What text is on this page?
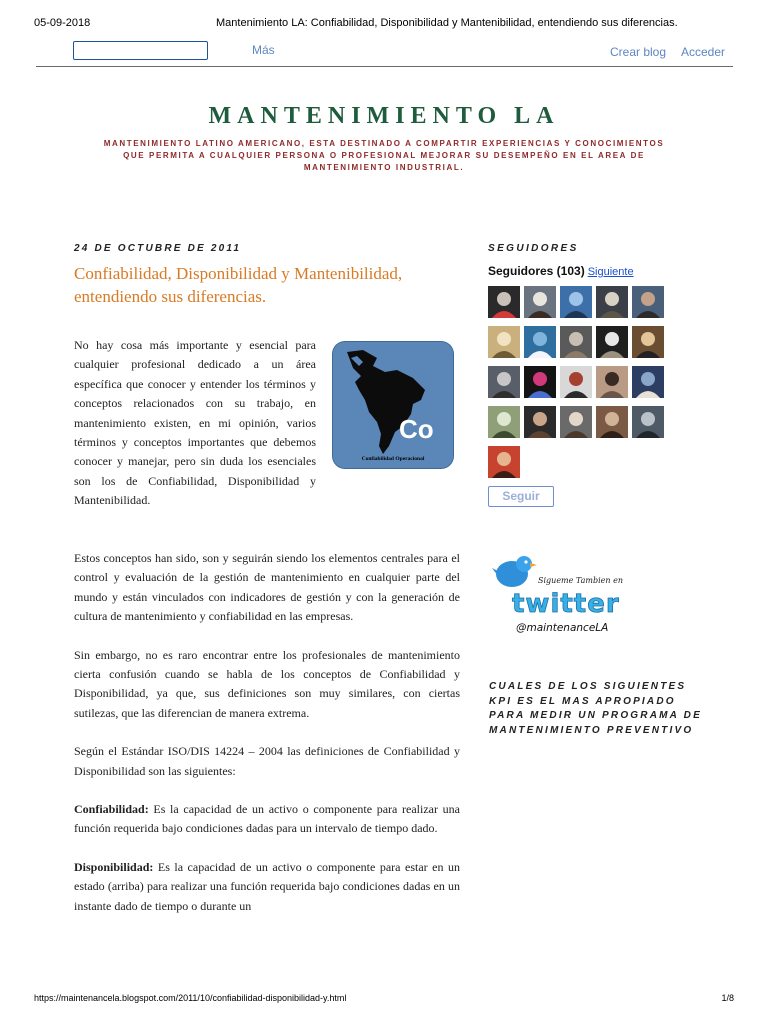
05-09-2018	Mantenimiento LA: Confiabilidad, Disponibilidad y Mantenibilidad, entendiendo sus diferencias.
Más	Crear blog Acceder
MANTENIMIENTO LA
MANTENIMIENTO LATINO AMERICANO, ESTA DESTINADO A COMPARTIR EXPERIENCIAS Y CONOCIMIENTOS QUE PERMITA A CUALQUIER PERSONA O PROFESIONAL MEJORAR SU DESEMPEÑO EN EL AREA DE MANTENIMIENTO INDUSTRIAL.
24 DE OCTUBRE DE 2011
Confiabilidad, Disponibilidad y Mantenibilidad, entendiendo sus diferencias.

No hay cosa más importante y esencial para cualquier profesional dedicado a un área específica que conocer y entender los términos y conceptos relacionados con su trabajo, en mantenimiento existen, en mi opinión, varios términos y conceptos importantes que debemos conocer y manejar, pero sin duda los esenciales son los de Confiabilidad, Disponibilidad y Mantenibilidad.

Co
Confiabilidad Operacional

Estos conceptos han sido, son y seguirán siendo los elementos centrales para el control y evaluación de la gestión de mantenimiento en cualquier parte del mundo y están vinculados con indicadores de gestión y con la generación de cultura de mantenimiento y confiabilidad en las empresas.

Sin embargo, no es raro encontrar entre los profesionales de mantenimiento cierta confusión cuando se habla de los conceptos de Confiabilidad y Disponibilidad, ya que, sus definiciones son muy similares, con ciertas sutilezas, que las diferencian de manera extrema.

Según el Estándar ISO/DIS 14224 – 2004 las definiciones de Confiabilidad y Disponibilidad son las siguientes:

Confiabilidad: Es la capacidad de un activo o componente para realizar una función requerida bajo condiciones dadas para un intervalo de tiempo dado.

Disponibilidad: Es la capacidad de un activo o componente para estar en un estado (arriba) para realizar una función requerida bajo condiciones dadas en un instante dado de tiempo o durante un

SEGUIDORES
Seguidores (103) Siguiente
Seguir
Sigueme Tambien en
twitter
@maintenanceLA
CUALES DE LOS SIGUIENTES KPI ES EL MAS APROPIADO PARA MEDIR UN PROGRAMA DE MANTENIMIENTO PREVENTIVO
https://maintenancela.blogspot.com/2011/10/confiabilidad-disponibilidad-y.html	1/8
